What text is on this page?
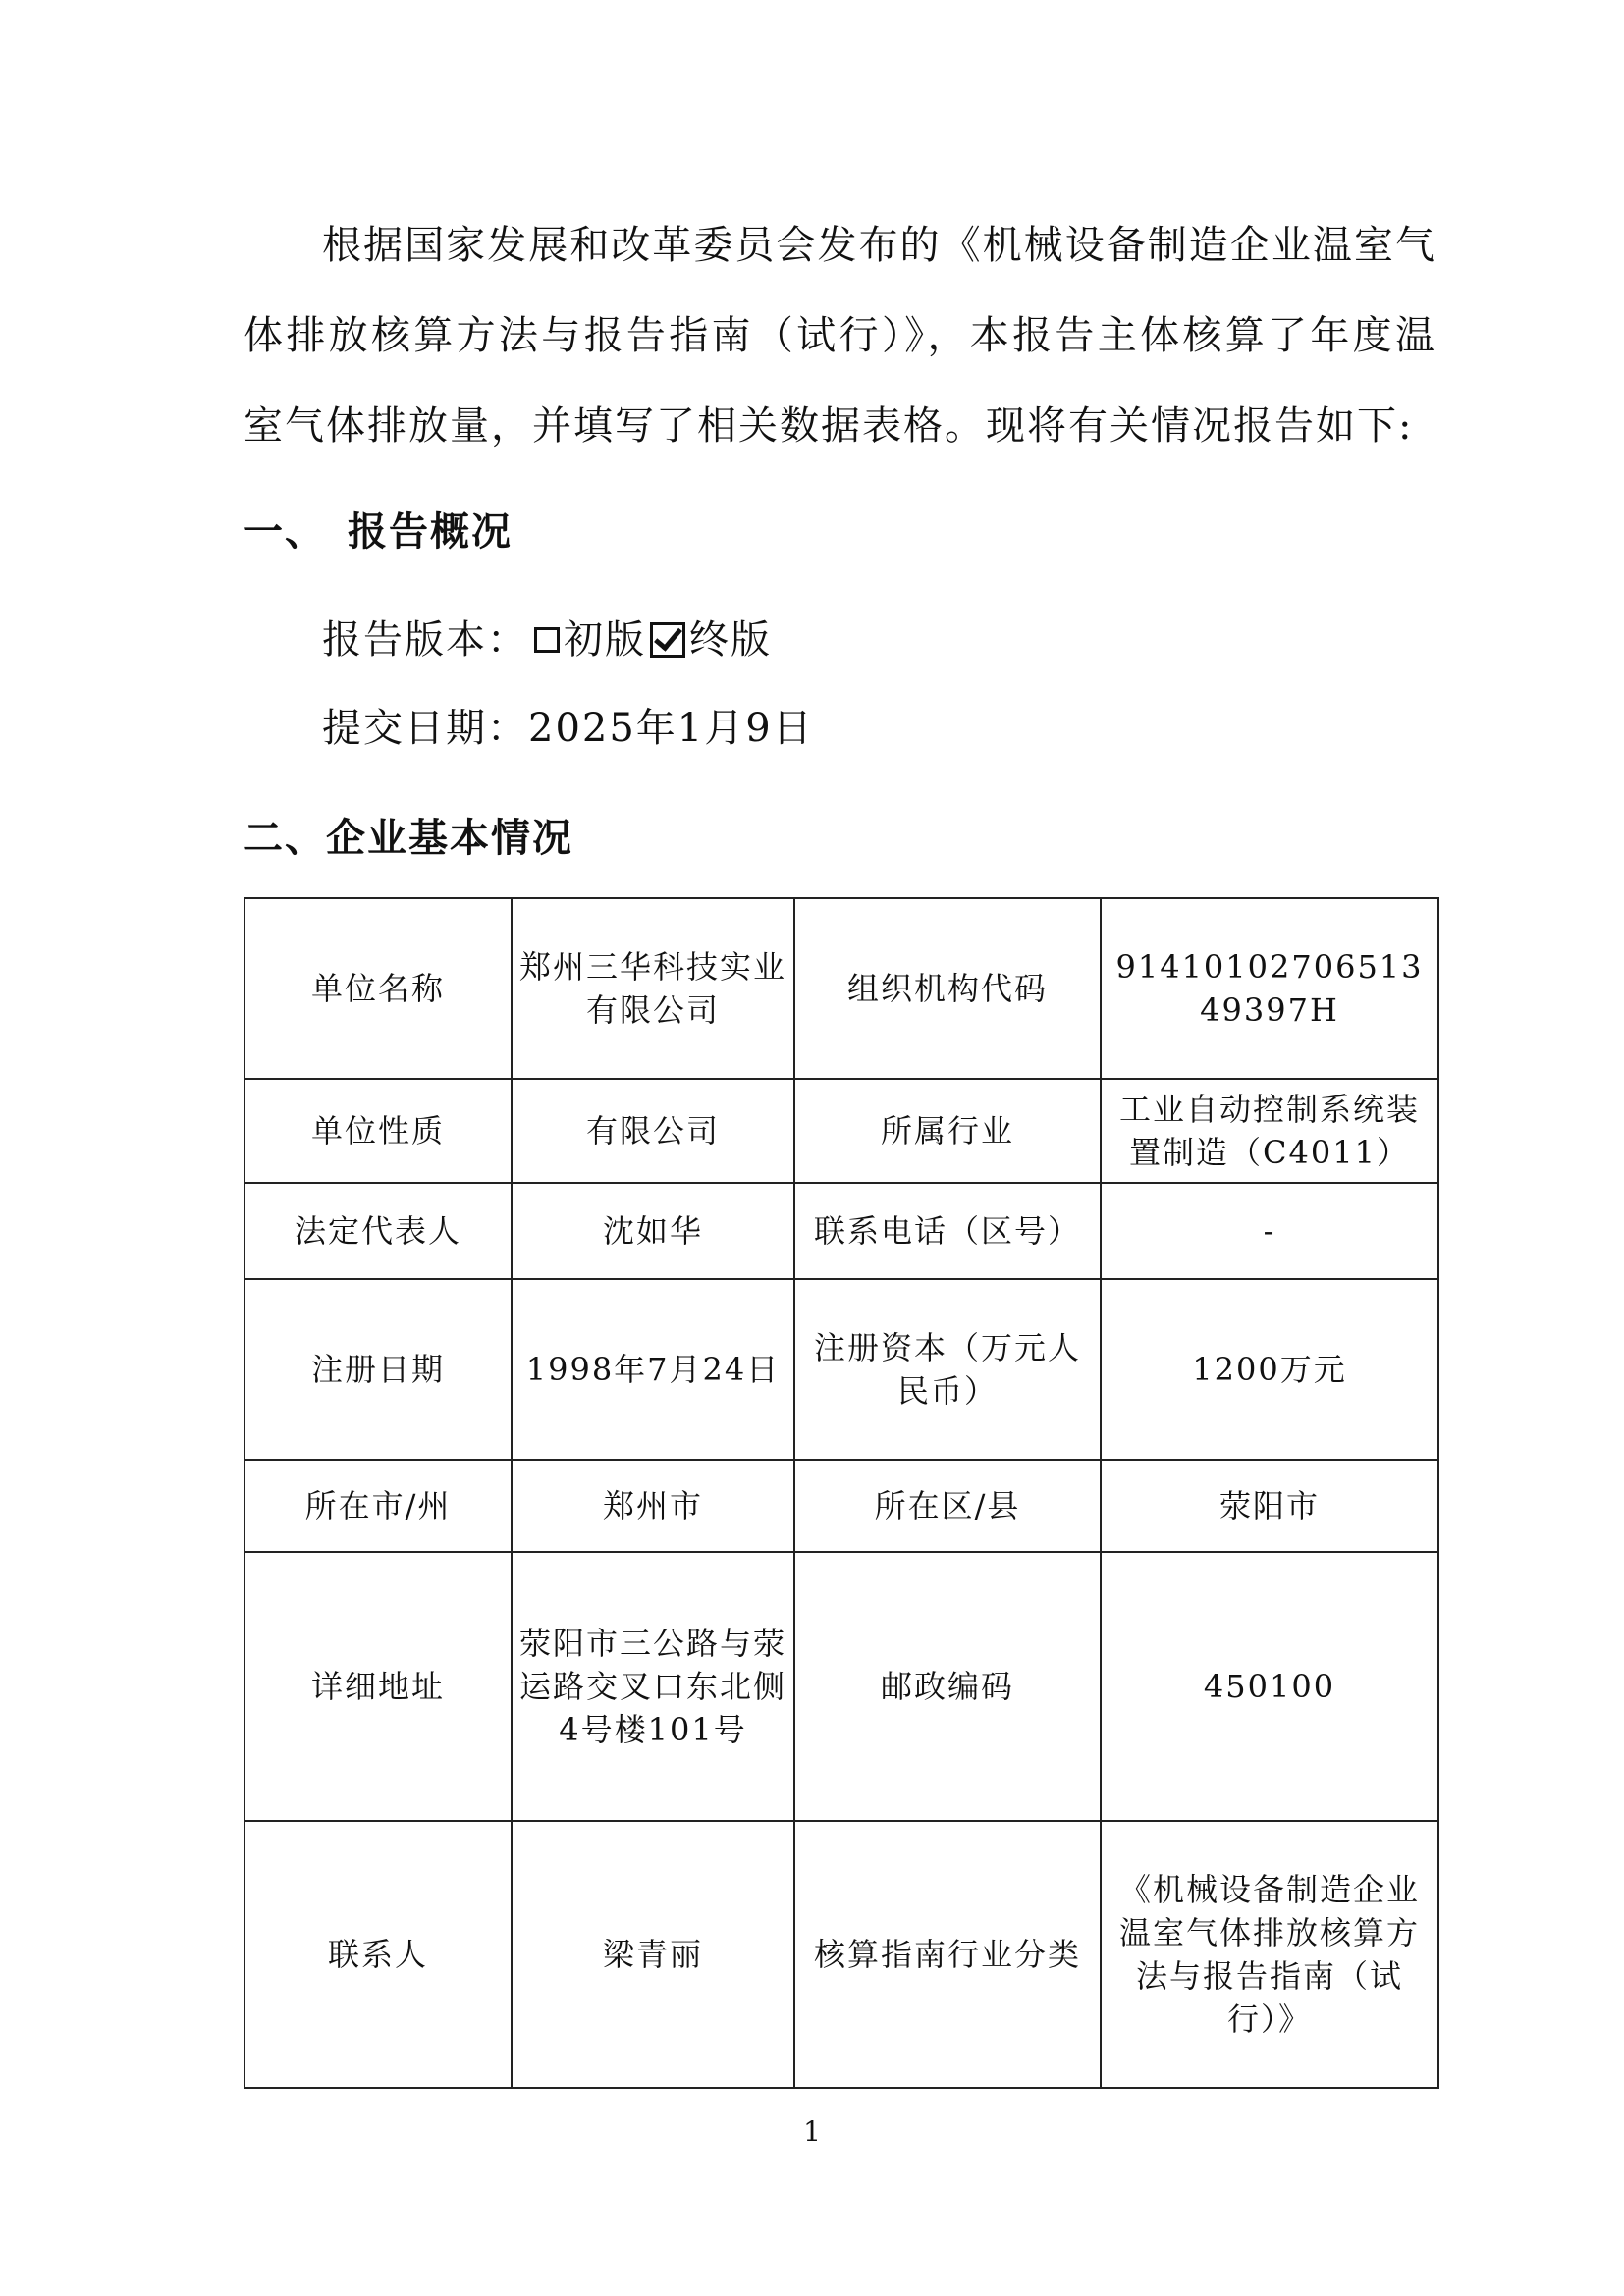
根据国家发展和改革委员会发布的《机械设备制造企业温室气体排放核算方法与报告指南（试行）》，本报告主体核算了年度温室气体排放量，并填写了相关数据表格。现将有关情况报告如下:

一、　报告概况

报告版本： 初版 终版

提交日期：2025年1月9日

二、企业基本情况
单位名称	郑州三华科技实业有限公司	组织机构代码	9141010270651349397H
单位性质	有限公司	所属行业	工业自动控制系统装置制造（C4011）
法定代表人	沈如华	联系电话（区号）	-
注册日期	1998年7月24日	注册资本（万元人民币）	1200万元
所在市/州	郑州市	所在区/县	荥阳市
详细地址	荥阳市三公路与荥运路交叉口东北侧4号楼101号	邮政编码	450100
联系人	梁青丽	核算指南行业分类	《机械设备制造企业温室气体排放核算方法与报告指南（试行）》

1
